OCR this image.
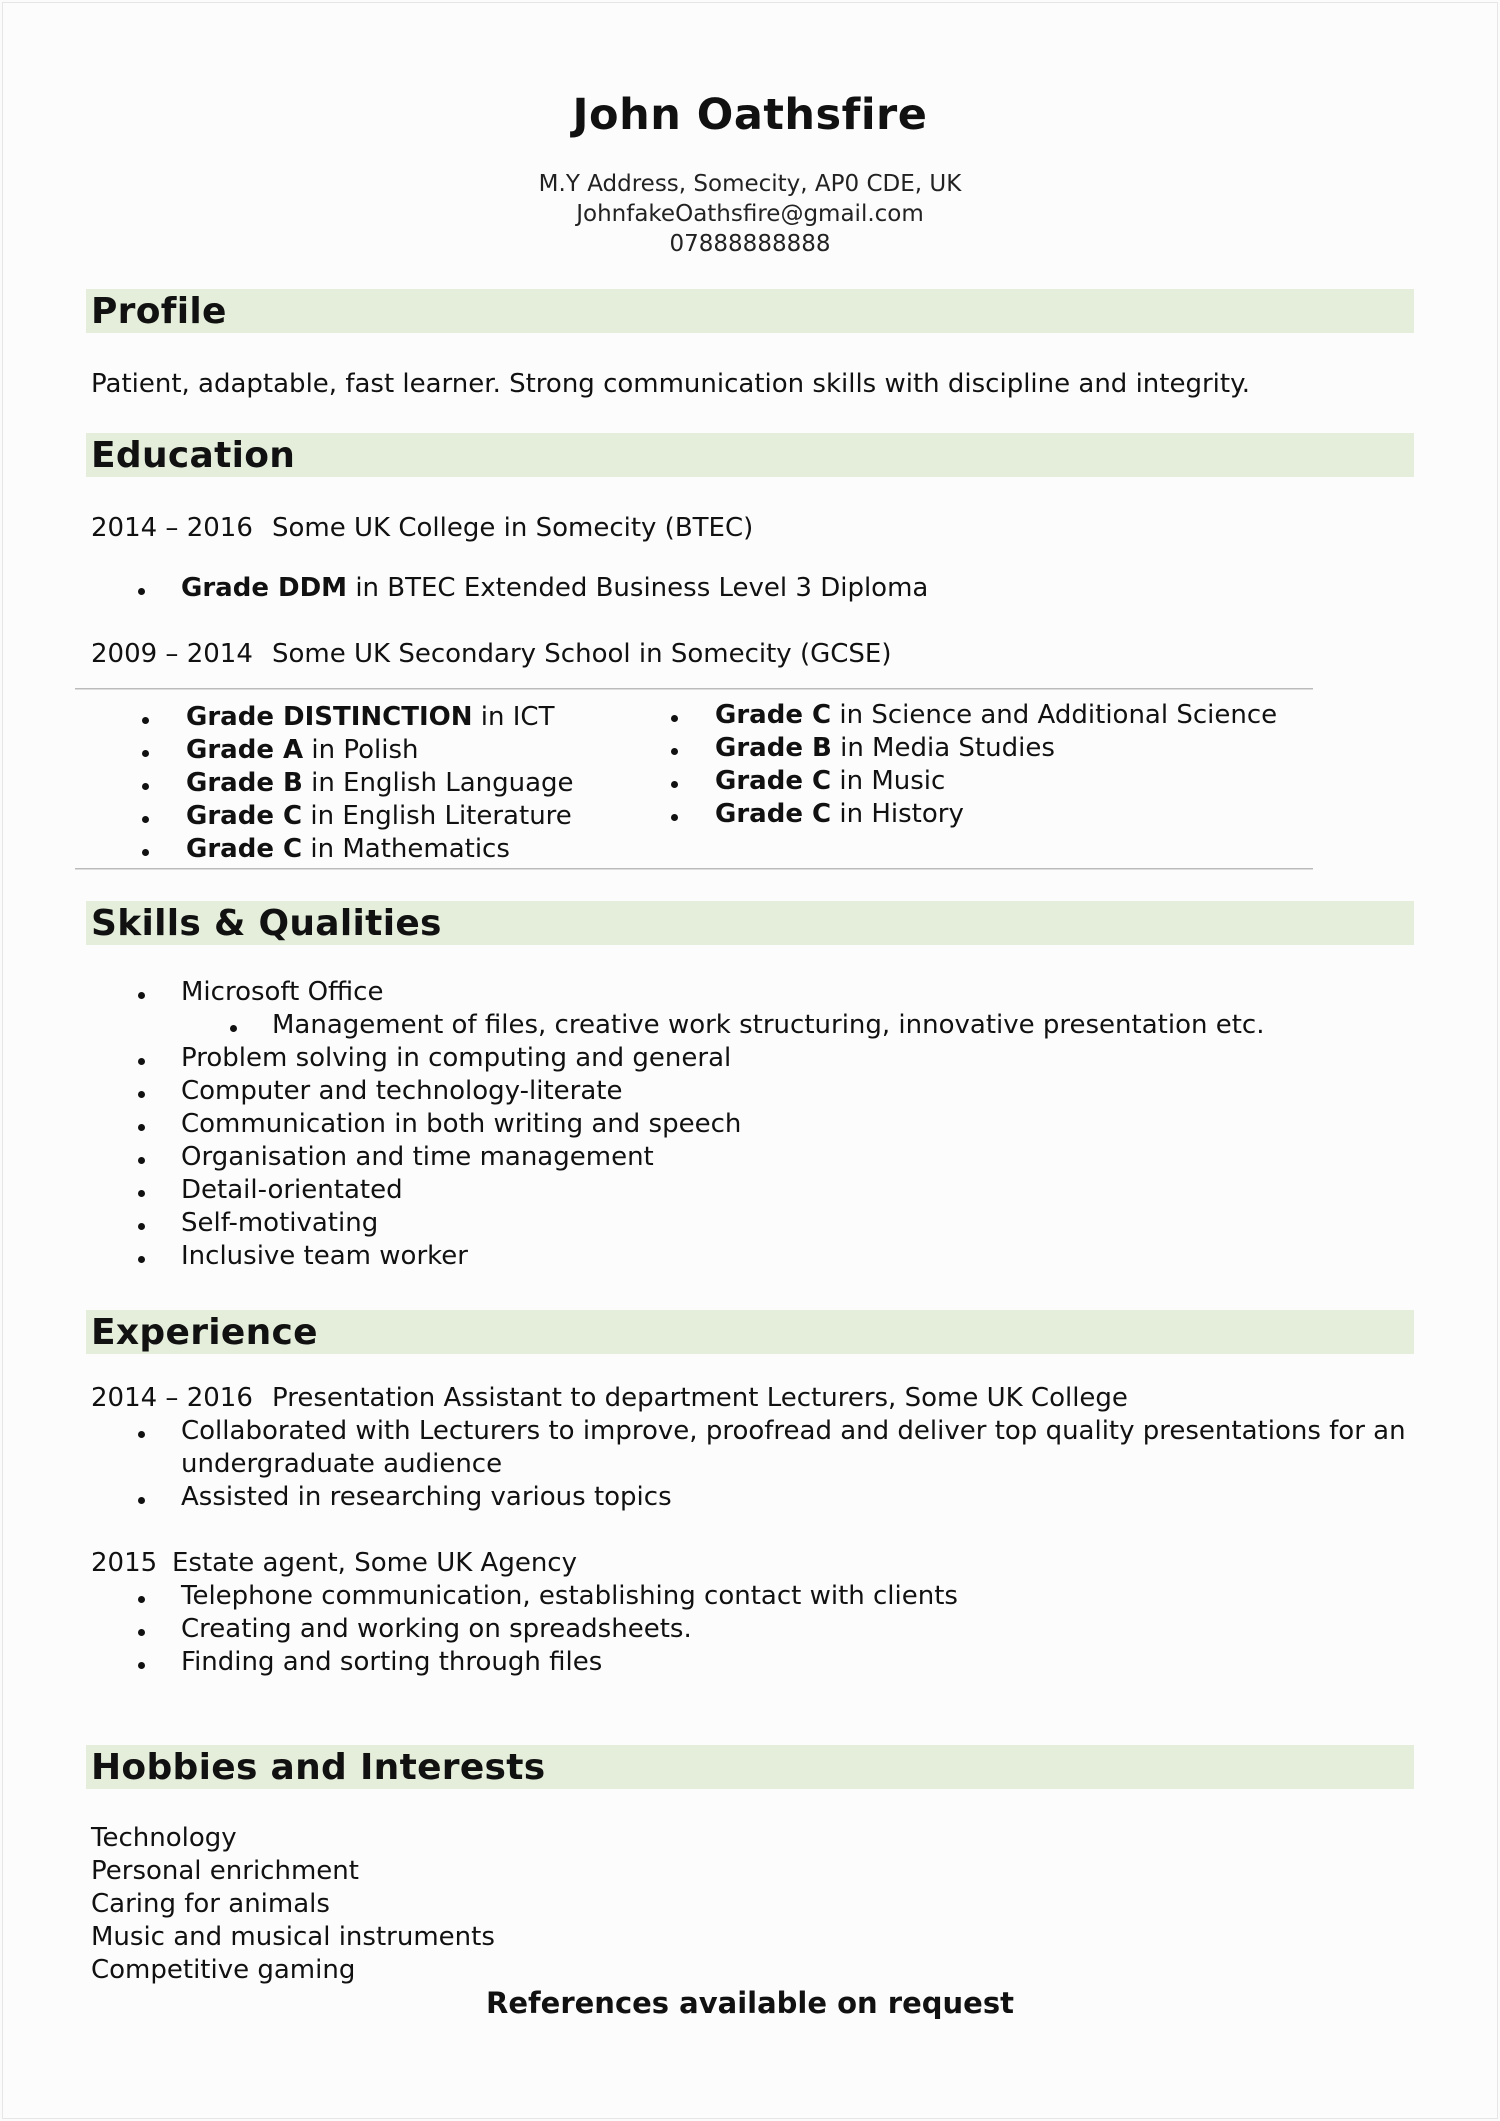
John Oathsfire
M.Y Address, Somecity, AP0 CDE, UK
JohnfakeOathsfire@gmail.com
07888888888
Profile
Patient, adaptable, fast learner. Strong communication skills with discipline and integrity.
Education
2014 – 2016 Some UK College in Somecity (BTEC)
Grade DDM in BTEC Extended Business Level 3 Diploma
2009 – 2014 Some UK Secondary School in Somecity (GCSE)
Grade DISTINCTION in ICT
Grade A in Polish
Grade B in English Language
Grade C in English Literature
Grade C in Mathematics
Grade C in Science and Additional Science
Grade B in Media Studies
Grade C in Music
Grade C in History
Skills & Qualities
Microsoft Office
Management of files, creative work structuring, innovative presentation etc.
Problem solving in computing and general
Computer and technology-literate
Communication in both writing and speech
Organisation and time management
Detail-orientated
Self-motivating
Inclusive team worker
Experience
2014 – 2016 Presentation Assistant to department Lecturers, Some UK College
Collaborated with Lecturers to improve, proofread and deliver top quality presentations for an
undergraduate audience
Assisted in researching various topics
2015 Estate agent, Some UK Agency
Telephone communication, establishing contact with clients
Creating and working on spreadsheets.
Finding and sorting through files
Hobbies and Interests
Technology
Personal enrichment
Caring for animals
Music and musical instruments
Competitive gaming
References available on request
